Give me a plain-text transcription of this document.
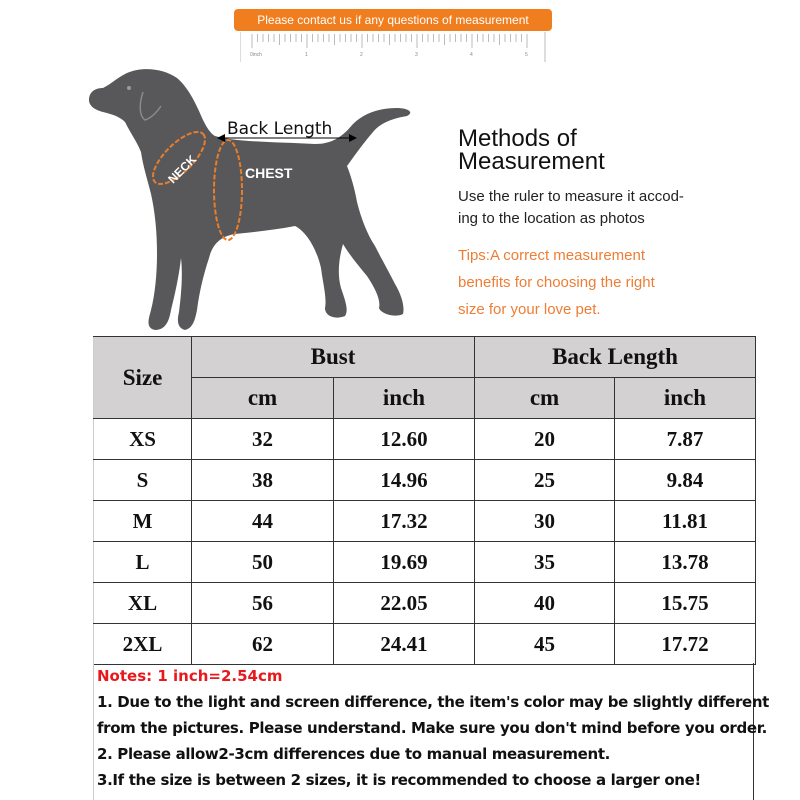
Please contact us if any questions of measurement
0inch	1	2	3	4	5
Back Length
NECK	CHEST
Methods of
Measurement
Use the ruler to measure it accod-
ing to the location as photos
Tips:A correct measurement
benefits for choosing the right
size for your love pet.
Size	Bust		Back Length	
	cm	inch	cm	inch
XS	32	12.60	20	7.87
S	38	14.96	25	9.84
M	44	17.32	30	11.81
L	50	19.69	35	13.78
XL	56	22.05	40	15.75
2XL	62	24.41	45	17.72
Notes: 1 inch=2.54cm
1. Due to the light and screen difference, the item's color may be slightly different
from the pictures. Please understand. Make sure you don't mind before you order.
2. Please allow2-3cm differences due to manual measurement.
3.If the size is between 2 sizes, it is recommended to choose a larger one!
